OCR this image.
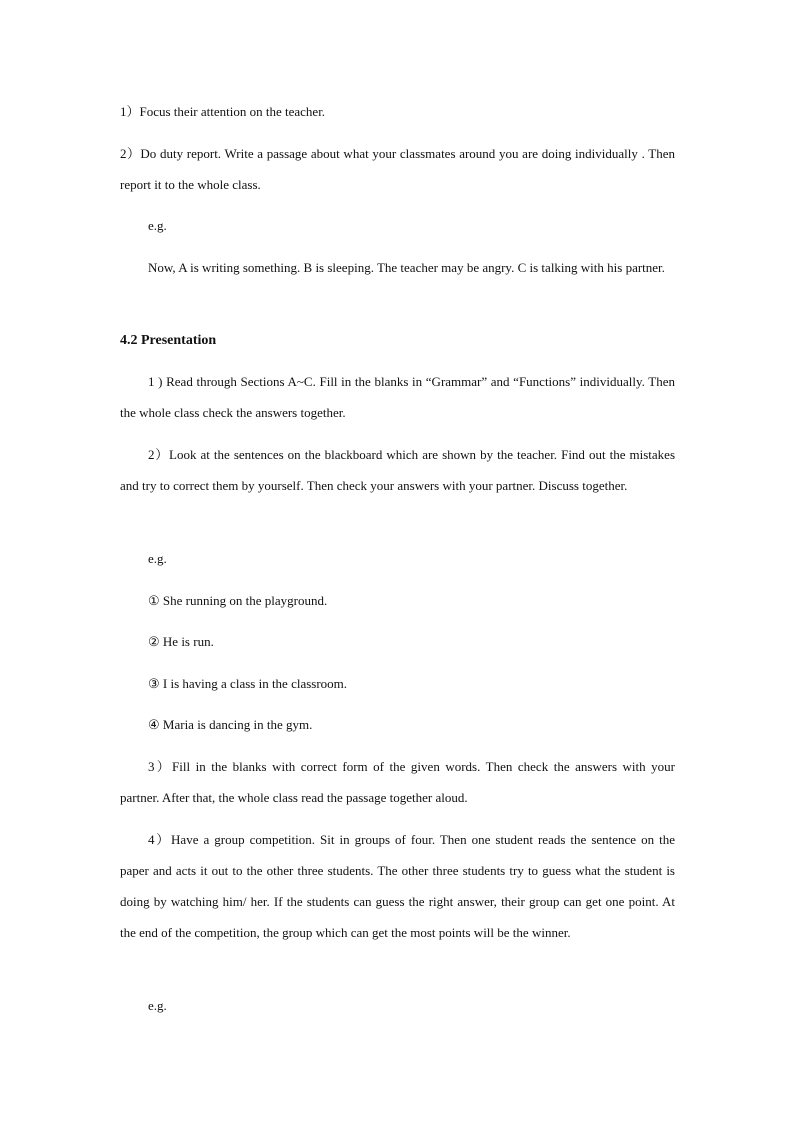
1）Focus their attention on the teacher.

2）Do duty report. Write a passage about what your classmates around you are doing individually . Then report it to the whole class.

e.g.

Now, A is writing something. B is sleeping. The teacher may be angry. C is talking with his partner.

4.2 Presentation

1 ) Read through Sections A~C. Fill in the blanks in “Grammar” and “Functions” individually. Then the whole class check the answers together.

2）Look at the sentences on the blackboard which are shown by the teacher. Find out the mistakes and try to correct them by yourself. Then check your answers with your partner. Discuss together.

e.g.

① She running on the playground.

② He is run.

③ I is having a class in the classroom.

④ Maria is dancing in the gym.

3）Fill in the blanks with correct form of the given words. Then check the answers with your partner. After that, the whole class read the passage together aloud.

4）Have a group competition. Sit in groups of four. Then one student reads the sentence on the paper and acts it out to the other three students. The other three students try to guess what the student is doing by watching him/ her. If the students can guess the right answer, their group can get one point. At the end of the competition, the group which can get the most points will be the winner.

e.g.
